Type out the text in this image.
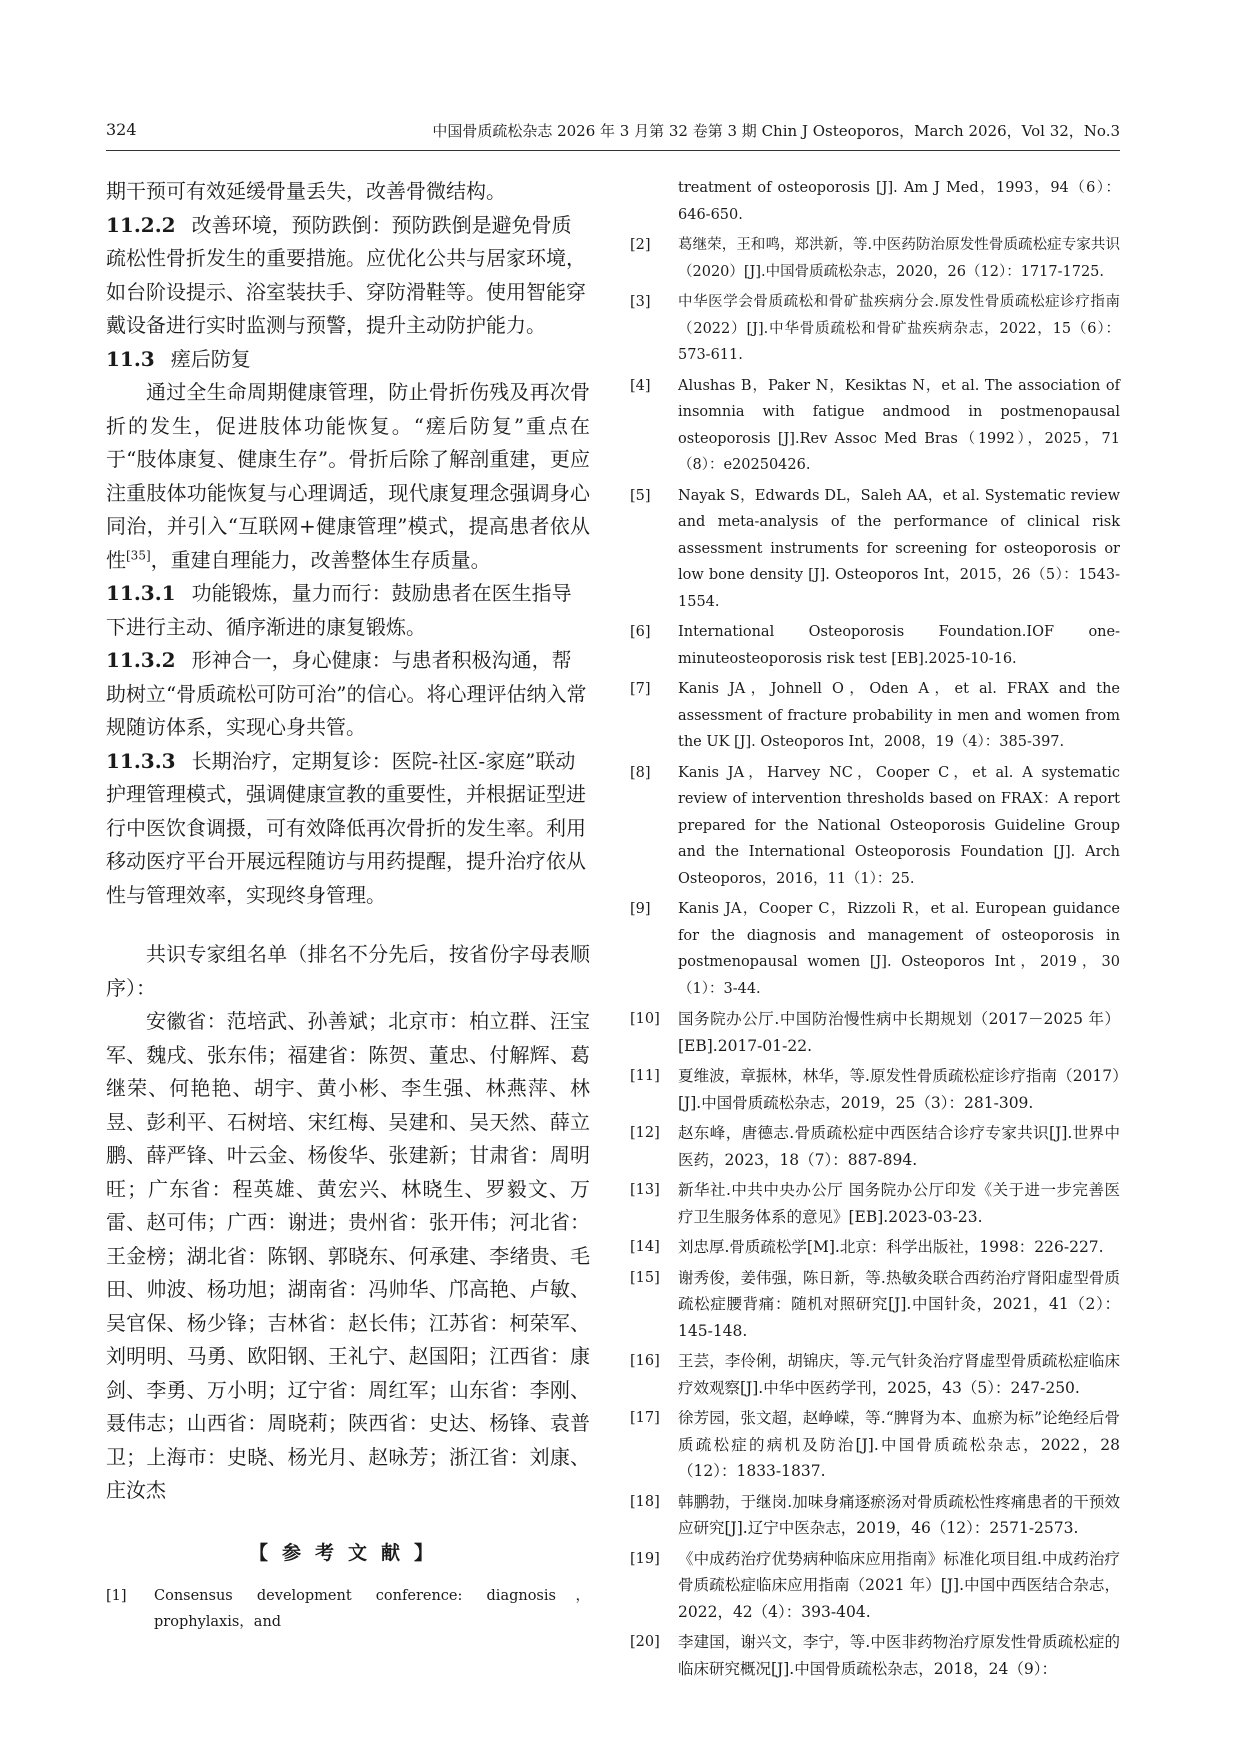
324	中国骨质疏松杂志 2026 年 3 月第 32 卷第 3 期 Chin J Osteoporos，March 2026，Vol 32，No.3

期干预可有效延缓骨量丢失，改善骨微结构。

11.2.2 改善环境，预防跌倒：预防跌倒是避免骨质疏松性骨折发生的重要措施。应优化公共与居家环境，如台阶设提示、浴室装扶手、穿防滑鞋等。使用智能穿戴设备进行实时监测与预警，提升主动防护能力。

11.3 瘥后防复

通过全生命周期健康管理，防止骨折伤残及再次骨折的发生，促进肢体功能恢复。“瘥后防复”重点在于“肢体康复、健康生存”。骨折后除了解剖重建，更应注重肢体功能恢复与心理调适，现代康复理念强调身心同治，并引入“互联网+健康管理”模式，提高患者依从性[35]，重建自理能力，改善整体生存质量。

11.3.1 功能锻炼，量力而行：鼓励患者在医生指导下进行主动、循序渐进的康复锻炼。

11.3.2 形神合一，身心健康：与患者积极沟通，帮助树立“骨质疏松可防可治”的信心。将心理评估纳入常规随访体系，实现心身共管。

11.3.3 长期治疗，定期复诊：医院-社区-家庭”联动护理管理模式，强调健康宣教的重要性，并根据证型进行中医饮食调摄，可有效降低再次骨折的发生率。利用移动医疗平台开展远程随访与用药提醒，提升治疗依从性与管理效率，实现终身管理。

共识专家组名单（排名不分先后，按省份字母表顺序）：

安徽省：范培武、孙善斌；北京市：柏立群、汪宝军、魏戌、张东伟；福建省：陈贺、董忠、付解辉、葛继荣、何艳艳、胡宇、黄小彬、李生强、林燕萍、林昱、彭利平、石树培、宋红梅、吴建和、吴天然、薛立鹏、薛严锋、叶云金、杨俊华、张建新；甘肃省：周明旺；广东省：程英雄、黄宏兴、林晓生、罗毅文、万雷、赵可伟；广西：谢进；贵州省：张开伟；河北省：王金榜；湖北省：陈钢、郭晓东、何承建、李绪贵、毛田、帅波、杨功旭；湖南省：冯帅华、邝高艳、卢敏、吴官保、杨少锋；吉林省：赵长伟；江苏省：柯荣军、刘明明、马勇、欧阳钢、王礼宁、赵国阳；江西省：康剑、李勇、万小明；辽宁省：周红军；山东省：李刚、聂伟志；山西省：周晓莉；陕西省：史达、杨锋、袁普卫；上海市：史晓、杨光月、赵咏芳；浙江省：刘康、庄汝杰

【参考文献】
[1]	Consensus development conference: diagnosis，prophylaxis，and

treatment of osteoporosis [J]. Am J Med，1993，94（6）：646-650.

[2]	葛继荣，王和鸣，郑洪新，等.中医药防治原发性骨质疏松症专家共识（2020）[J].中国骨质疏松杂志，2020，26（12）：1717-1725.
[3]	中华医学会骨质疏松和骨矿盐疾病分会.原发性骨质疏松症诊疗指南（2022）[J].中华骨质疏松和骨矿盐疾病杂志，2022，15（6）：573-611.
[4]	Alushas B，Paker N，Kesiktas N，et al. The association of insomnia with fatigue andmood in postmenopausal osteoporosis [J].Rev Assoc Med Bras（1992），2025，71（8）：e20250426.
[5]	Nayak S，Edwards DL，Saleh AA，et al. Systematic review and meta-analysis of the performance of clinical risk assessment instruments for screening for osteoporosis or low bone density [J]. Osteoporos Int，2015，26（5）：1543-1554.
[6]	International Osteoporosis Foundation.IOF one-minuteosteoporosis risk test [EB].2025-10-16.
[7]	Kanis JA，Johnell O，Oden A，et al. FRAX and the assessment of fracture probability in men and women from the UK [J]. Osteoporos Int，2008，19（4）：385-397.
[8]	Kanis JA，Harvey NC，Cooper C，et al. A systematic review of intervention thresholds based on FRAX：A report prepared for the National Osteoporosis Guideline Group and the International Osteoporosis Foundation [J]. Arch Osteoporos，2016，11（1）：25.
[9]	Kanis JA，Cooper C，Rizzoli R，et al. European guidance for the diagnosis and management of osteoporosis in postmenopausal women [J]. Osteoporos Int，2019，30（1）：3-44.
[10]	国务院办公厅.中国防治慢性病中长期规划（2017－2025 年）[EB].2017-01-22.
[11]	夏维波，章振林，林华，等.原发性骨质疏松症诊疗指南（2017）[J].中国骨质疏松杂志，2019，25（3）：281-309.
[12]	赵东峰，唐德志.骨质疏松症中西医结合诊疗专家共识[J].世界中医药，2023，18（7）：887-894.
[13]	新华社.中共中央办公厅 国务院办公厅印发《关于进一步完善医疗卫生服务体系的意见》[EB].2023-03-23.
[14]	刘忠厚.骨质疏松学[M].北京：科学出版社，1998：226-227.
[15]	谢秀俊，姜伟强，陈日新，等.热敏灸联合西药治疗肾阳虚型骨质疏松症腰背痛：随机对照研究[J].中国针灸，2021，41（2）：145-148.
[16]	王芸，李伶俐，胡锦庆，等.元气针灸治疗肾虚型骨质疏松症临床疗效观察[J].中华中医药学刊，2025，43（5）：247-250.
[17]	徐芳园，张文超，赵峥嵘，等.“脾肾为本、血瘀为标”论绝经后骨质疏松症的病机及防治[J].中国骨质疏松杂志，2022，28（12）：1833-1837.
[18]	韩鹏勃，于继岗.加味身痛逐瘀汤对骨质疏松性疼痛患者的干预效应研究[J].辽宁中医杂志，2019，46（12）：2571-2573.
[19]	《中成药治疗优势病种临床应用指南》标准化项目组.中成药治疗骨质疏松症临床应用指南（2021 年）[J].中国中西医结合杂志，2022，42（4）：393-404.
[20]	李建国，谢兴文，李宁，等.中医非药物治疗原发性骨质疏松症的临床研究概况[J].中国骨质疏松杂志，2018，24（9）：
